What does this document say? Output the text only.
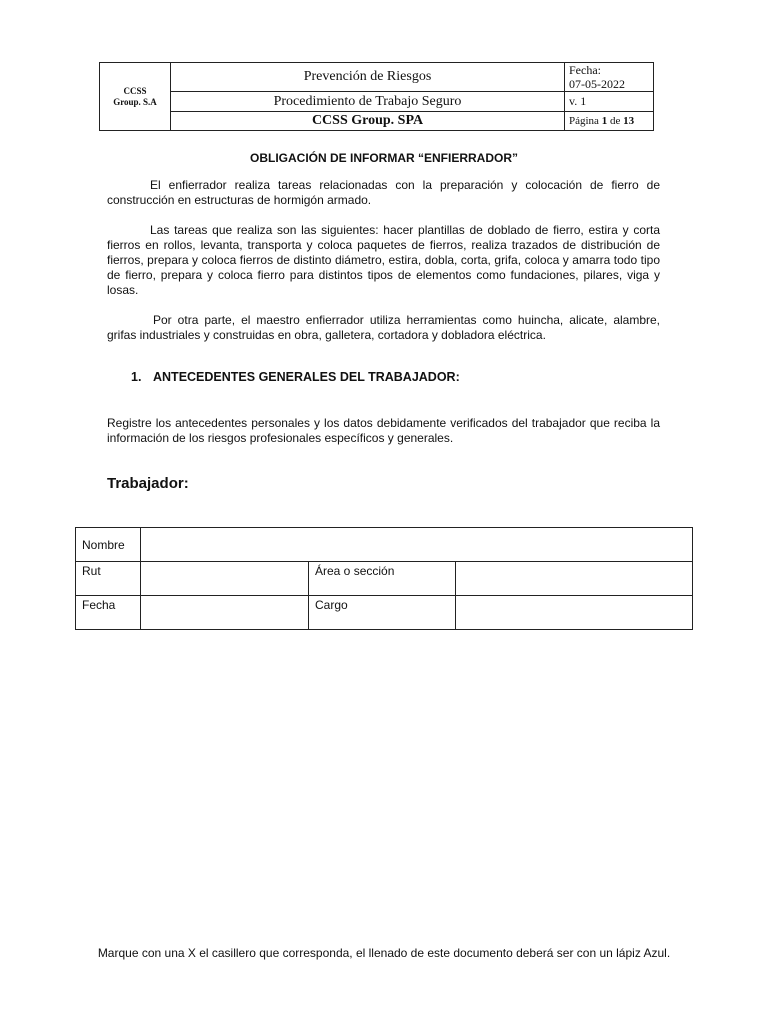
CCSS
Group. S.A	Prevención de Riesgos	Fecha:
07-05-2022
	Procedimiento de Trabajo Seguro	v. 1
	CCSS Group. SPA	Página 1 de 13
OBLIGACIÓN DE INFORMAR “ENFIERRADOR”

El enfierrador realiza tareas relacionadas con la preparación y colocación de fierro de construcción en estructuras de hormigón armado.

Las tareas que realiza son las siguientes: hacer plantillas de doblado de fierro, estira y corta fierros en rollos, levanta, transporta y coloca paquetes de fierros, realiza trazados de distribución de fierros, prepara y coloca fierros de distinto diámetro, estira, dobla, corta, grifa, coloca y amarra todo tipo de fierro, prepara y coloca fierro para distintos tipos de elementos como fundaciones, pilares, viga y losas.

Por otra parte, el maestro enfierrador utiliza herramientas como huincha, alicate, alambre, grifas industriales y construidas en obra, galletera, cortadora y dobladora eléctrica.

1. ANTECEDENTES GENERALES DEL TRABAJADOR:

Registre los antecedentes personales y los datos debidamente verificados del trabajador que reciba la información de los riesgos profesionales específicos y generales.

Trabajador:
Nombre			
Rut		Área o sección	
Fecha		Cargo	
Marque con una X el casillero que corresponda, el llenado de este documento deberá ser con un lápiz Azul.
